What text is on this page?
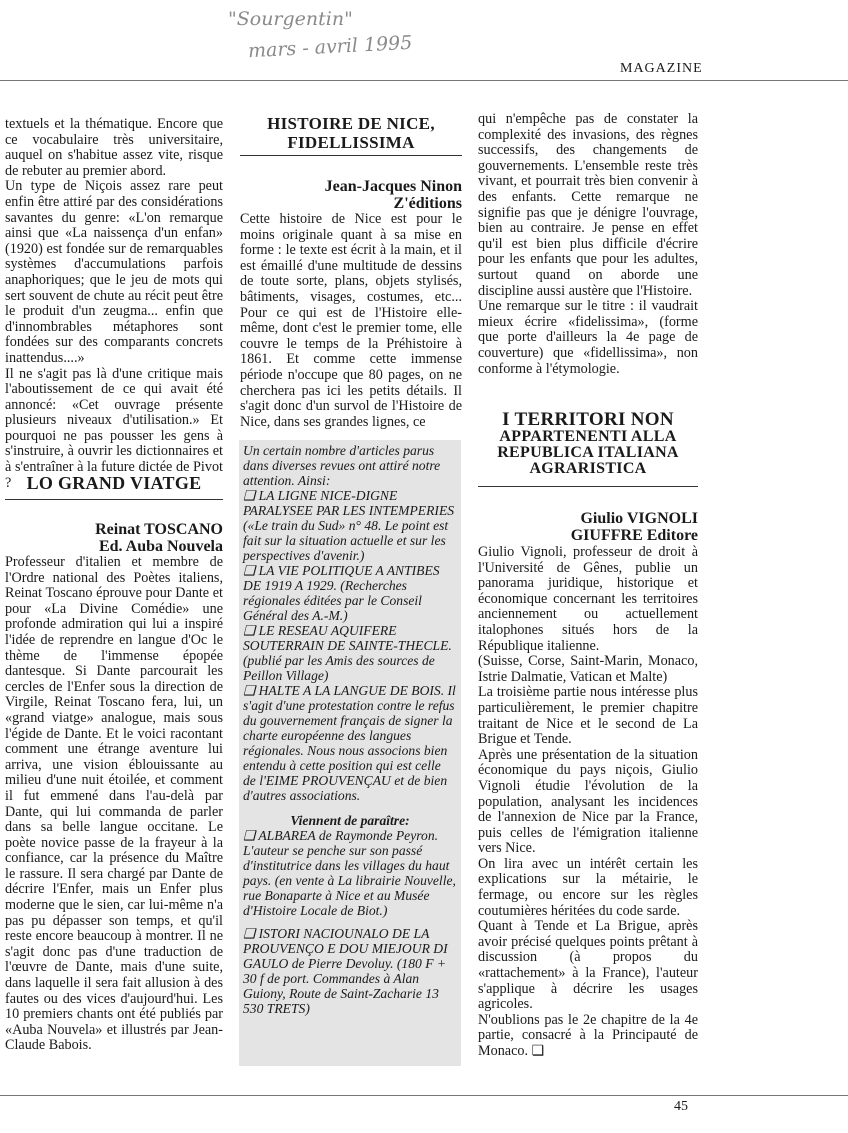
"Sourgentin"
mars - avril 1995
MAGAZINE

textuels et la thématique. Encore que ce vocabulaire très universitaire, auquel on s'habitue assez vite, risque de rebuter au premier abord.

Un type de Niçois assez rare peut enfin être attiré par des considérations savantes du genre: «L'on remarque ainsi que «La naissença d'un enfan» (1920) est fondée sur de remarquables systèmes d'accumulations parfois anaphoriques; que le jeu de mots qui sert souvent de chute au récit peut être le produit d'un zeugma... enfin que d'innombrables métaphores sont fondées sur des comparants concrets inattendus....»

Il ne s'agit pas là d'une critique mais l'aboutissement de ce qui avait été annoncé: «Cet ouvrage présente plusieurs niveaux d'utilisation.» Et pourquoi ne pas pousser les gens à s'instruire, à ouvrir les dictionnaires et à s'entraîner à la future dictée de Pivot ? LO GRAND VIATGE
Reinat TOSCANO
Ed. Auba Nouvela

Professeur d'italien et membre de l'Ordre national des Poètes italiens, Reinat Toscano éprouve pour Dante et pour «La Divine Comédie» une profonde admiration qui lui a inspiré l'idée de reprendre en langue d'Oc le thème de l'immense épopée dantesque. Si Dante parcourait les cercles de l'Enfer sous la direction de Virgile, Reinat Toscano fera, lui, un «grand viatge» analogue, mais sous l'égide de Dante. Et le voici racontant comment une étrange aventure lui arriva, une vision éblouissante au milieu d'une nuit étoilée, et comment il fut emmené dans l'au-delà par Dante, qui lui commanda de parler dans sa belle langue occitane. Le poète novice passe de la frayeur à la confiance, car la présence du Maître le rassure. Il sera chargé par Dante de décrire l'Enfer, mais un Enfer plus moderne que le sien, car lui-même n'a pas pu dépasser son temps, et qu'il reste encore beaucoup à montrer. Il ne s'agit donc pas d'une traduction de l'œuvre de Dante, mais d'une suite, dans laquelle il sera fait allusion à des fautes ou des vices d'aujourd'hui. Les 10 premiers chants ont été publiés par «Auba Nouvela» et illustrés par Jean-Claude Babois.

HISTOIRE DE NICE,
FIDELLISSIMA
Jean-Jacques Ninon
Z'éditions

Cette histoire de Nice est pour le moins originale quant à sa mise en forme : le texte est écrit à la main, et il est émaillé d'une multitude de dessins de toute sorte, plans, objets stylisés, bâtiments, visages, costumes, etc... Pour ce qui est de l'Histoire elle-même, dont c'est le premier tome, elle couvre le temps de la Préhistoire à 1861. Et comme cette immense période n'occupe que 80 pages, on ne cherchera pas ici les petits détails. Il s'agit donc d'un survol de l'Histoire de Nice, dans ses grandes lignes, ce

Un certain nombre d'articles parus dans diverses revues ont attiré notre attention. Ainsi:

❑ LA LIGNE NICE-DIGNE PARALYSEE PAR LES INTEMPERIES («Le train du Sud» n° 48. Le point est fait sur la situation actuelle et sur les perspectives d'avenir.)

❑ LA VIE POLITIQUE A ANTIBES DE 1919 A 1929. (Recherches régionales éditées par le Conseil Général des A.-M.)

❑ LE RESEAU AQUIFERE SOUTERRAIN DE SAINTE-THECLE. (publié par les Amis des sources de Peillon Village)

❑ HALTE A LA LANGUE DE BOIS. Il s'agit d'une protestation contre le refus du gouvernement français de signer la charte européenne des langues régionales. Nous nous associons bien entendu à cette position qui est celle de l'EIME PROUVENÇAU et de bien d'autres associations.

Viennent de paraître:

❑ ALBAREA de Raymonde Peyron. L'auteur se penche sur son passé d'institutrice dans les villages du haut pays. (en vente à La librairie Nouvelle, rue Bonaparte à Nice et au Musée d'Histoire Locale de Biot.)

❑ ISTORI NACIOUNALO DE LA PROUVENÇO E DOU MIEJOUR DI GAULO de Pierre Devoluy. (180 F + 30 f de port. Commandes à Alan Guiony, Route de Saint-Zacharie 13 530 TRETS)

qui n'empêche pas de constater la complexité des invasions, des règnes successifs, des changements de gouvernements. L'ensemble reste très vivant, et pourrait très bien convenir à des enfants. Cette remarque ne signifie pas que je dénigre l'ouvrage, bien au contraire. Je pense en effet qu'il est bien plus difficile d'écrire pour les enfants que pour les adultes, surtout quand on aborde une discipline aussi austère que l'Histoire.

Une remarque sur le titre : il vaudrait mieux écrire «fidelissima», (forme que porte d'ailleurs la 4e page de couverture) que «fidellissima», non conforme à l'étymologie.

I TERRITORI NON
APPARTENENTI ALLA
REPUBLICA ITALIANA
AGRARISTICA
Giulio VIGNOLI
GIUFFRE Editore

Giulio Vignoli, professeur de droit à l'Université de Gênes, publie un panorama juridique, historique et économique concernant les territoires anciennement ou actuellement italophones situés hors de la République italienne.

(Suisse, Corse, Saint-Marin, Monaco, Istrie Dalmatie, Vatican et Malte)

La troisième partie nous intéresse plus particulièrement, le premier chapitre traitant de Nice et le second de La Brigue et Tende.

Après une présentation de la situation économique du pays niçois, Giulio Vignoli étudie l'évolution de la population, analysant les incidences de l'annexion de Nice par la France, puis celles de l'émigration italienne vers Nice.

On lira avec un intérêt certain les explications sur la métairie, le fermage, ou encore sur les règles coutumières héritées du code sarde.

Quant à Tende et La Brigue, après avoir précisé quelques points prêtant à discussion (à propos du «rattachement» à la France), l'auteur s'applique à décrire les usages agricoles.

N'oublions pas le 2e chapitre de la 4e partie, consacré à la Principauté de Monaco. ❑

45
